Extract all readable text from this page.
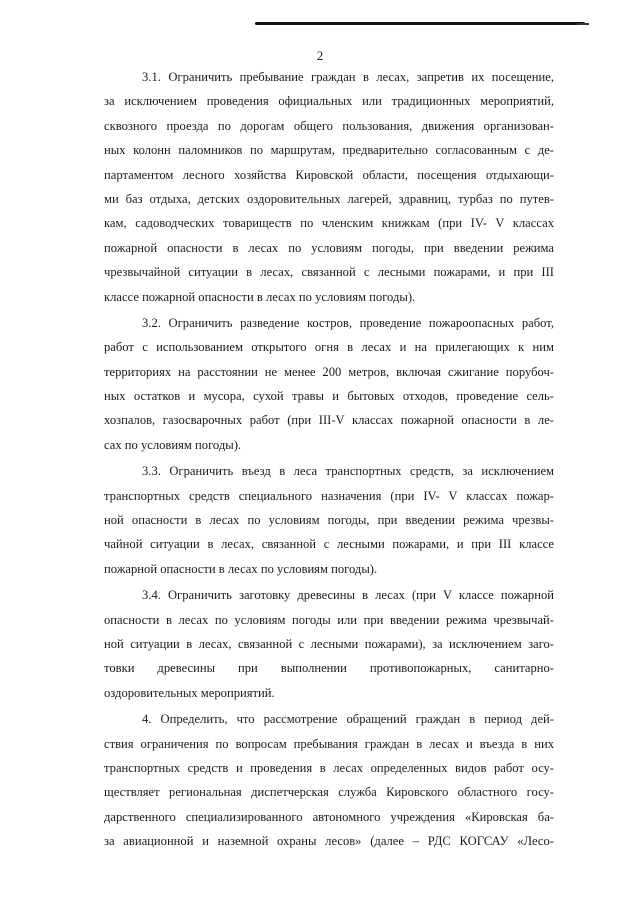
2
3.1. Ограничить пребывание граждан в лесах, запретив их посещение,
за исключением проведения официальных или традиционных мероприятий,
сквозного проезда по дорогам общего пользования, движения организован-
ных колонн паломников по маршрутам, предварительно согласованным с де-
партаментом лесного хозяйства Кировской области, посещения отдыхающи-
ми баз отдыха, детских оздоровительных лагерей, здравниц, турбаз по путев-
кам, садоводческих товариществ по членским книжкам (при IV- V классах
пожарной опасности в лесах по условиям погоды, при введении режима
чрезвычайной ситуации в лесах, связанной с лесными пожарами, и при III
классе пожарной опасности в лесах по условиям погоды).
3.2. Ограничить разведение костров, проведение пожароопасных работ,
работ с использованием открытого огня в лесах и на прилегающих к ним
территориях на расстоянии не менее 200 метров, включая сжигание порубоч-
ных остатков и мусора, сухой травы и бытовых отходов, проведение сель-
хозпалов, газосварочных работ (при III-V классах пожарной опасности в ле-
сах по условиям погоды).
3.3. Ограничить въезд в леса транспортных средств, за исключением
транспортных средств специального назначения (при IV- V классах пожар-
ной опасности в лесах по условиям погоды, при введении режима чрезвы-
чайной ситуации в лесах, связанной с лесными пожарами, и при III классе
пожарной опасности в лесах по условиям погоды).
3.4. Ограничить заготовку древесины в лесах (при V классе пожарной
опасности в лесах по условиям погоды или при введении режима чрезвычай-
ной ситуации в лесах, связанной с лесными пожарами), за исключением заго-
товки древесины при выполнении противопожарных, санитарно-
оздоровительных мероприятий.
4. Определить, что рассмотрение обращений граждан в период дей-
ствия ограничения по вопросам пребывания граждан в лесах и въезда в них
транспортных средств и проведения в лесах определенных видов работ осу-
ществляет региональная диспетчерская служба Кировского областного госу-
дарственного специализированного автономного учреждения «Кировская ба-
за авиационной и наземной охраны лесов» (далее – РДС КОГСАУ «Лесо-
